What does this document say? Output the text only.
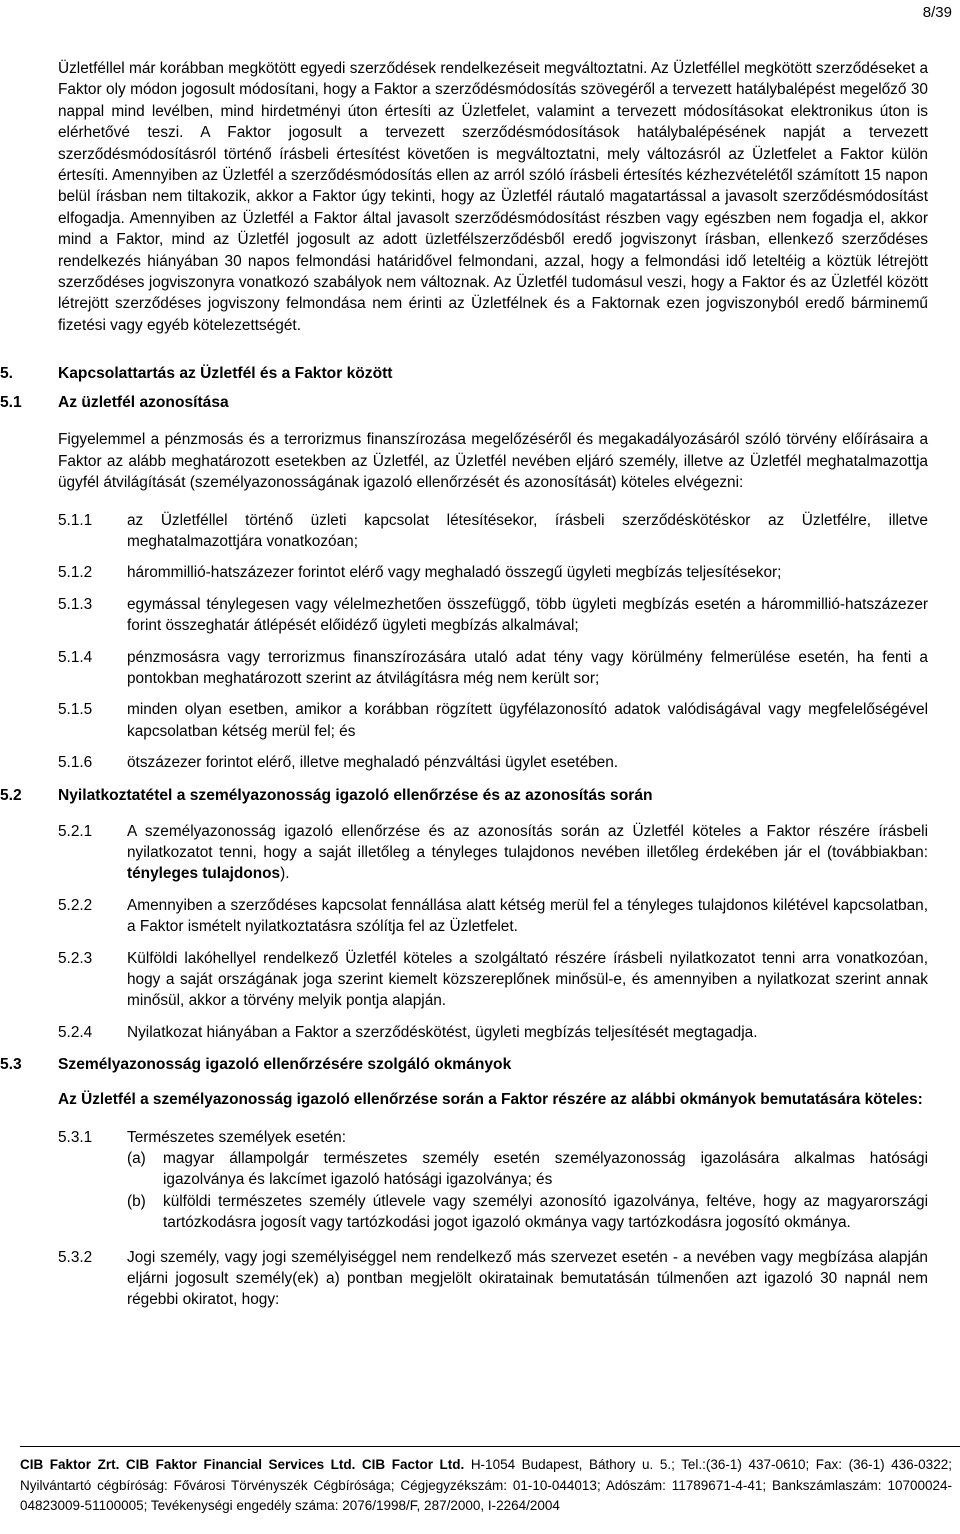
8/39

Üzletféllel már korábban megkötött egyedi szerződések rendelkezéseit megváltoztatni. Az Üzletféllel megkötött szerződéseket a Faktor oly módon jogosult módosítani, hogy a Faktor a szerződésmódosítás szövegéről a tervezett hatálybalépést megelőző 30 nappal mind levélben, mind hirdetményi úton értesíti az Üzletfelet, valamint a tervezett módosításokat elektronikus úton is elérhetővé teszi. A Faktor jogosult a tervezett szerződésmódosítások hatálybalépésének napját a tervezett szerződésmódosításról történő írásbeli értesítést követően is megváltoztatni, mely változásról az Üzletfelet a Faktor külön értesíti. Amennyiben az Üzletfél a szerződésmódosítás ellen az arról szóló írásbeli értesítés kézhezvételétől számított 15 napon belül írásban nem tiltakozik, akkor a Faktor úgy tekinti, hogy az Üzletfél ráutaló magatartással a javasolt szerződésmódosítást elfogadja. Amennyiben az Üzletfél a Faktor által javasolt szerződésmódosítást részben vagy egészben nem fogadja el, akkor mind a Faktor, mind az Üzletfél jogosult az adott üzletfélszerződésből eredő jogviszonyt írásban, ellenkező szerződéses rendelkezés hiányában 30 napos felmondási határidővel felmondani, azzal, hogy a felmondási idő leteltéig a köztük létrejött szerződéses jogviszonyra vonatkozó szabályok nem változnak. Az Üzletfél tudomásul veszi, hogy a Faktor és az Üzletfél között létrejött szerződéses jogviszony felmondása nem érinti az Üzletfélnek és a Faktornak ezen jogviszonyból eredő bárminemű fizetési vagy egyéb kötelezettségét.

5.	Kapcsolattartás az Üzletfél és a Faktor között
5.1	Az üzletfél azonosítása

Figyelemmel a pénzmosás és a terrorizmus finanszírozása megelőzéséről és megakadályozásáról szóló törvény előírásaira a Faktor az alább meghatározott esetekben az Üzletfél, az Üzletfél nevében eljáró személy, illetve az Üzletfél meghatalmazottja ügyfél átvilágítását (személyazonosságának igazoló ellenőrzését és azonosítását) köteles elvégezni:

5.1.1	az Üzletféllel történő üzleti kapcsolat létesítésekor, írásbeli szerződéskötéskor az Üzletfélre, illetve meghatalmazottjára vonatkozóan;
5.1.2	hárommillió-hatszázezer forintot elérő vagy meghaladó összegű ügyleti megbízás teljesítésekor;
5.1.3	egymással ténylegesen vagy vélelmezhetően összefüggő, több ügyleti megbízás esetén a hárommillió-hatszázezer forint összeghatár átlépését előidéző ügyleti megbízás alkalmával;
5.1.4	pénzmosásra vagy terrorizmus finanszírozására utaló adat tény vagy körülmény felmerülése esetén, ha fenti a pontokban meghatározott szerint az átvilágításra még nem került sor;
5.1.5	minden olyan esetben, amikor a korábban rögzített ügyfélazonosító adatok valódiságával vagy megfelelőségével kapcsolatban kétség merül fel; és
5.1.6	ötszázezer forintot elérő, illetve meghaladó pénzváltási ügylet esetében.
5.2	Nyilatkoztatétel a személyazonosság igazoló ellenőrzése és az azonosítás során
5.2.1	A személyazonosság igazoló ellenőrzése és az azonosítás során az Üzletfél köteles a Faktor részére írásbeli nyilatkozatot tenni, hogy a saját illetőleg a tényleges tulajdonos nevében illetőleg érdekében jár el (továbbiakban: tényleges tulajdonos).
5.2.2	Amennyiben a szerződéses kapcsolat fennállása alatt kétség merül fel a tényleges tulajdonos kilétével kapcsolatban, a Faktor ismételt nyilatkoztatásra szólítja fel az Üzletfelet.
5.2.3	Külföldi lakóhellyel rendelkező Üzletfél köteles a szolgáltató részére írásbeli nyilatkozatot tenni arra vonatkozóan, hogy a saját országának joga szerint kiemelt közszereplőnek minősül-e, és amennyiben a nyilatkozat szerint annak minősül, akkor a törvény melyik pontja alapján.
5.2.4	Nyilatkozat hiányában a Faktor a szerződéskötést, ügyleti megbízás teljesítését megtagadja.
5.3	Személyazonosság igazoló ellenőrzésére szolgáló okmányok

Az Üzletfél a személyazonosság igazoló ellenőrzése során a Faktor részére az alábbi okmányok bemutatására köteles:

5.3.1	Természetes személyek esetén:
(a)	magyar állampolgár természetes személy esetén személyazonosság igazolására alkalmas hatósági igazolványa és lakcímet igazoló hatósági igazolványa; és
(b)	külföldi természetes személy útlevele vagy személyi azonosító igazolványa, feltéve, hogy az magyarországi tartózkodásra jogosít vagy tartózkodási jogot igazoló okmánya vagy tartózkodásra jogosító okmánya.
5.3.2	Jogi személy, vagy jogi személyiséggel nem rendelkező más szervezet esetén - a nevében vagy megbízása alapján eljárni jogosult személy(ek) a) pontban megjelölt okiratainak bemutatásán túlmenően azt igazoló 30 napnál nem régebbi okiratot, hogy:
CIB Faktor Zrt. CIB Faktor Financial Services Ltd. CIB Factor Ltd. H-1054 Budapest, Báthory u. 5.; Tel.:(36-1) 437-0610; Fax: (36-1) 436-0322; Nyilvántartó cégbíróság: Fővárosi Törvényszék Cégbírósága; Cégjegyzékszám: 01-10-044013; Adószám: 11789671-4-41; Bankszámlaszám: 10700024-04823009-51100005; Tevékenységi engedély száma: 2076/1998/F, 287/2000, I-2264/2004
